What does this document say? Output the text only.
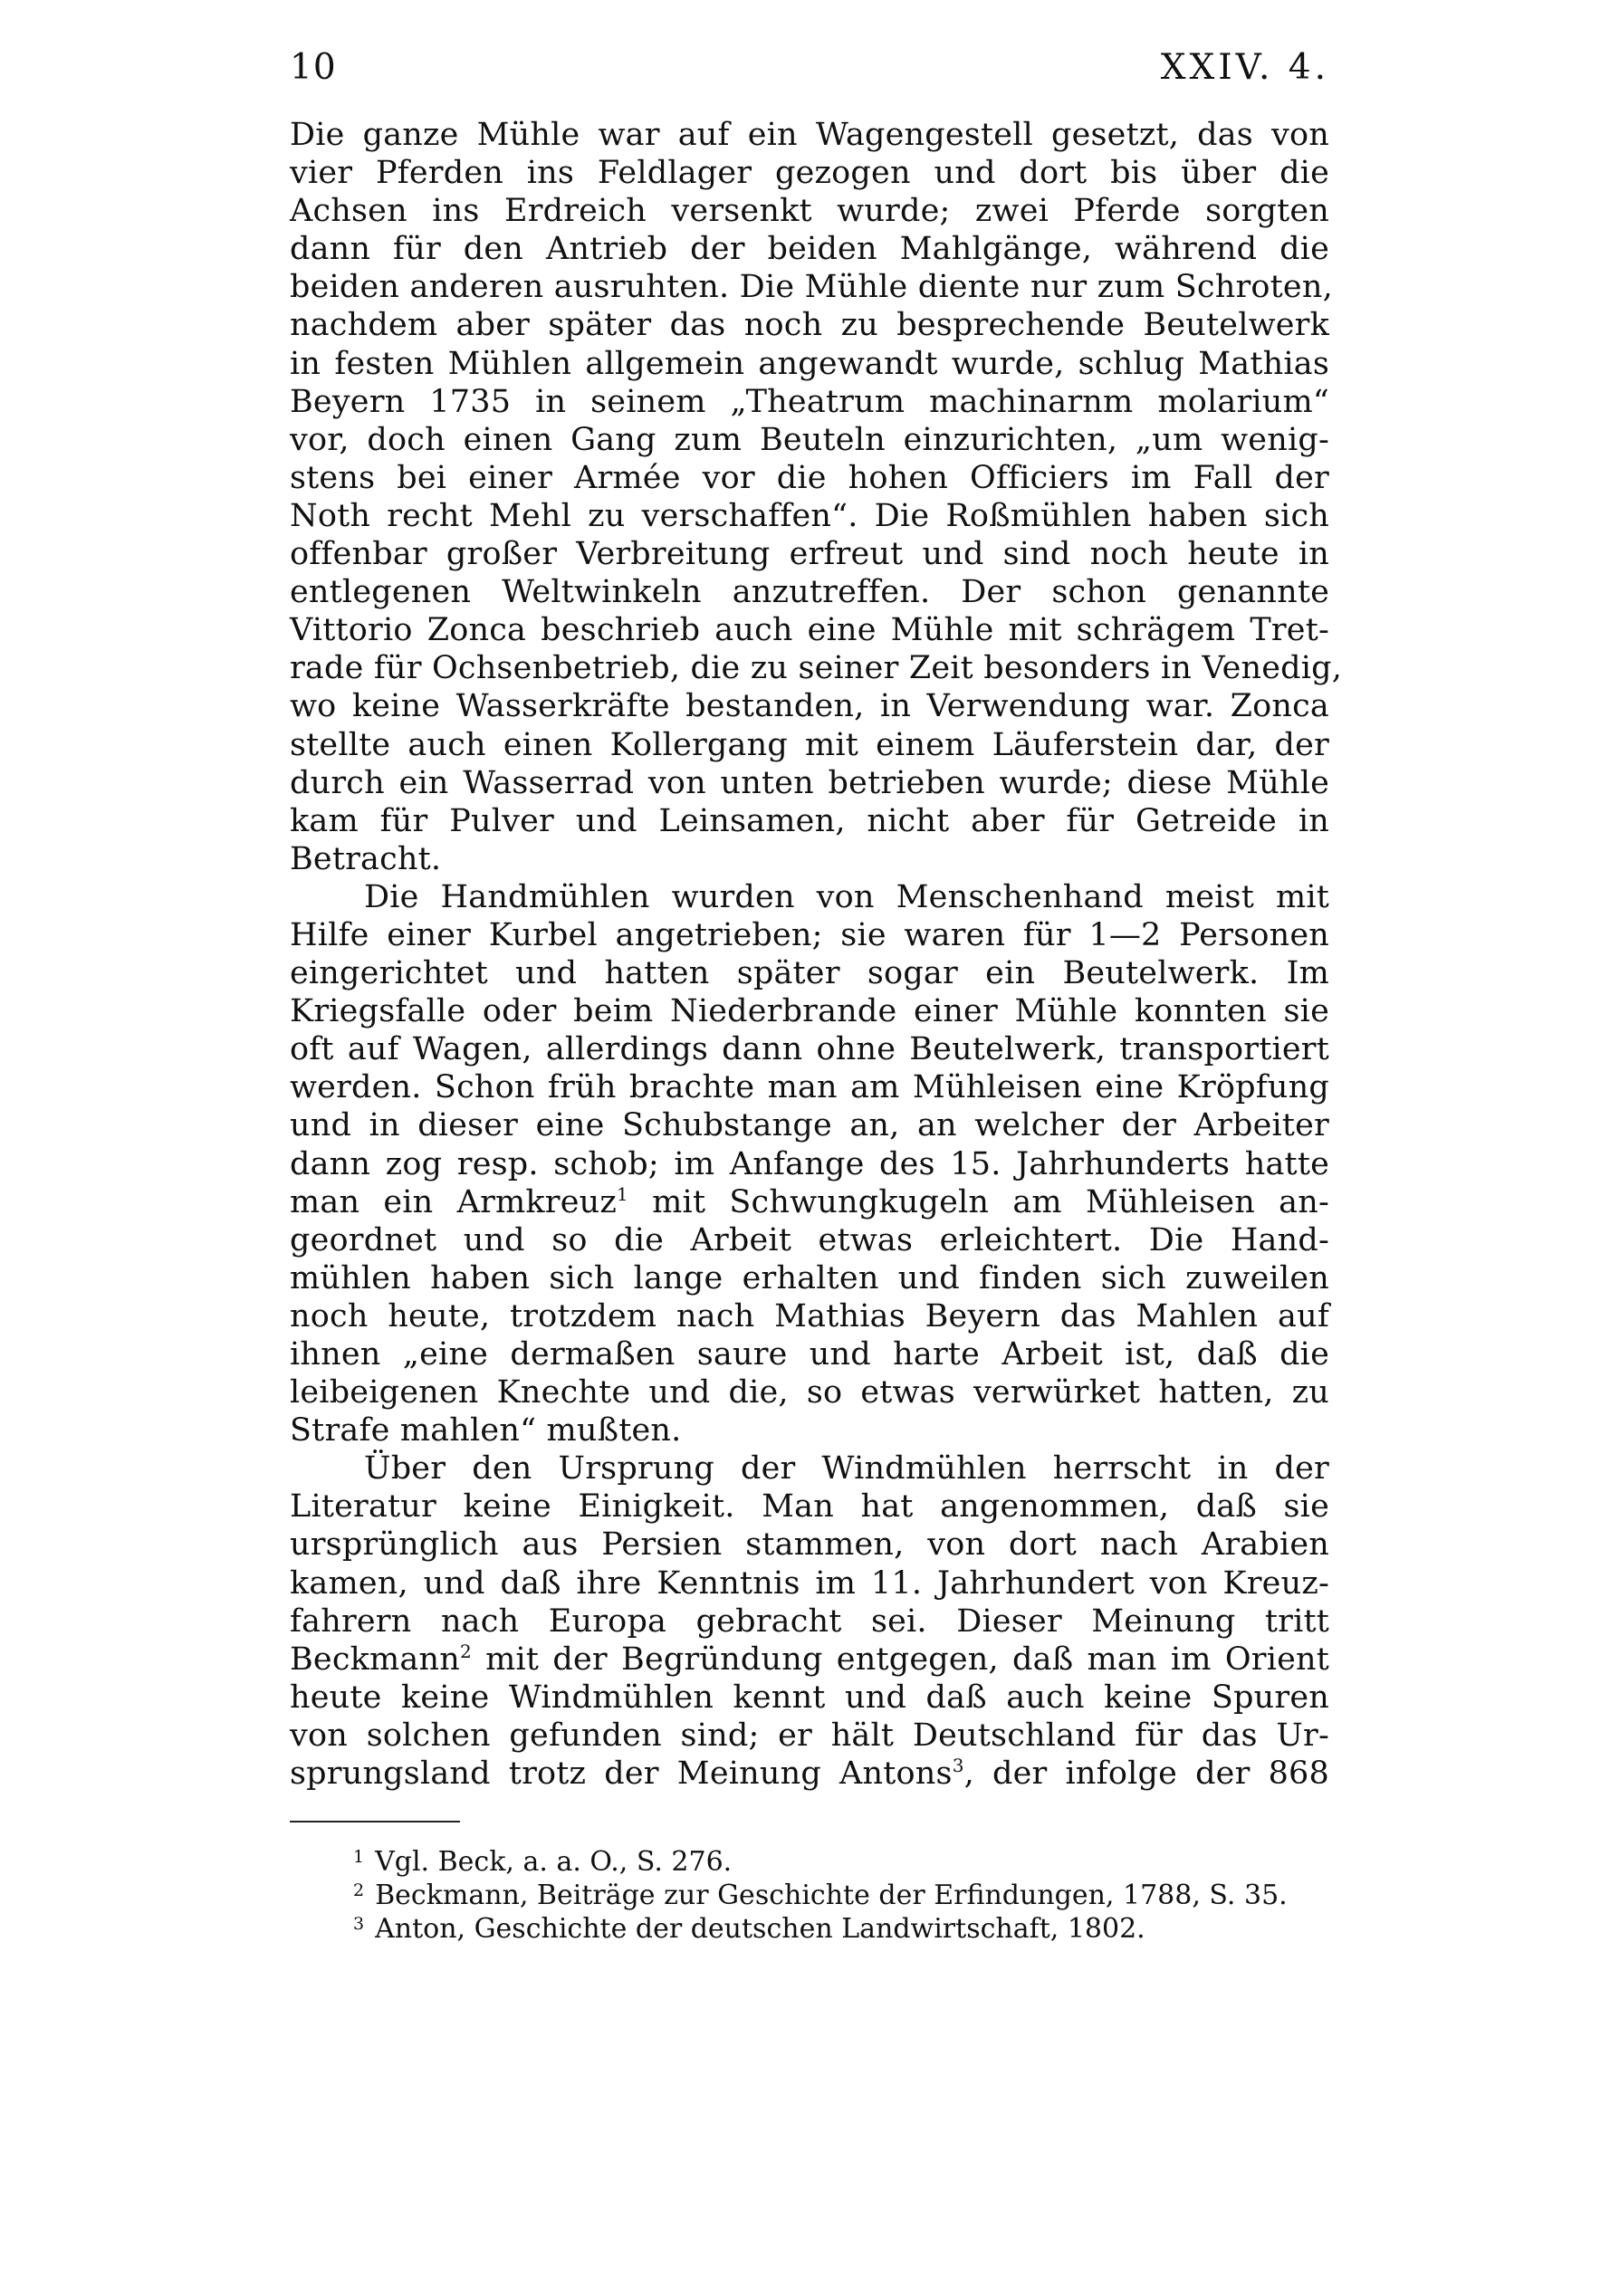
10	XXIV. 4.
Die ganze Mühle war auf ein Wagengestell gesetzt, das von
vier Pferden ins Feldlager gezogen und dort bis über die
Achsen ins Erdreich versenkt wurde; zwei Pferde sorgten
dann für den Antrieb der beiden Mahlgänge, während die
beiden anderen ausruhten. Die Mühle diente nur zum Schroten,
nachdem aber später das noch zu besprechende Beutelwerk
in festen Mühlen allgemein angewandt wurde, schlug Mathias
Beyern 1735 in seinem „Theatrum machinarnm molarium“
vor, doch einen Gang zum Beuteln einzurichten, „um wenig-
stens bei einer Armée vor die hohen Officiers im Fall der
Noth recht Mehl zu verschaffen“. Die Roßmühlen haben sich
offenbar großer Verbreitung erfreut und sind noch heute in
entlegenen Weltwinkeln anzutreffen. Der schon genannte
Vittorio Zonca beschrieb auch eine Mühle mit schrägem Tret-
rade für Ochsenbetrieb, die zu seiner Zeit besonders in Venedig,
wo keine Wasserkräfte bestanden, in Verwendung war. Zonca
stellte auch einen Kollergang mit einem Läuferstein dar, der
durch ein Wasserrad von unten betrieben wurde; diese Mühle
kam für Pulver und Leinsamen, nicht aber für Getreide in
Betracht.
Die Handmühlen wurden von Menschenhand meist mit
Hilfe einer Kurbel angetrieben; sie waren für 1—2 Personen
eingerichtet und hatten später sogar ein Beutelwerk. Im
Kriegsfalle oder beim Niederbrande einer Mühle konnten sie
oft auf Wagen, allerdings dann ohne Beutelwerk, transportiert
werden. Schon früh brachte man am Mühleisen eine Kröpfung
und in dieser eine Schubstange an, an welcher der Arbeiter
dann zog resp. schob; im Anfange des 15. Jahrhunderts hatte
man ein Armkreuz$^1$ mit Schwungkugeln am Mühleisen an-
geordnet und so die Arbeit etwas erleichtert. Die Hand-
mühlen haben sich lange erhalten und finden sich zuweilen
noch heute, trotzdem nach Mathias Beyern das Mahlen auf
ihnen „eine dermaßen saure und harte Arbeit ist, daß die
leibeigenen Knechte und die, so etwas verwürket hatten, zu
Strafe mahlen“ mußten.
Über den Ursprung der Windmühlen herrscht in der
Literatur keine Einigkeit. Man hat angenommen, daß sie
ursprünglich aus Persien stammen, von dort nach Arabien
kamen, und daß ihre Kenntnis im 11. Jahrhundert von Kreuz-
fahrern nach Europa gebracht sei. Dieser Meinung tritt
Beckmann$^2$ mit der Begründung entgegen, daß man im Orient
heute keine Windmühlen kennt und daß auch keine Spuren
von solchen gefunden sind; er hält Deutschland für das Ur-
sprungsland trotz der Meinung Antons$^3$, der infolge der 868
$^1$ Vgl. Beck, a. a. O., S. 276.
$^2$ Beckmann, Beiträge zur Geschichte der Erfindungen, 1788, S. 35.
$^3$ Anton, Geschichte der deutschen Landwirtschaft, 1802.
